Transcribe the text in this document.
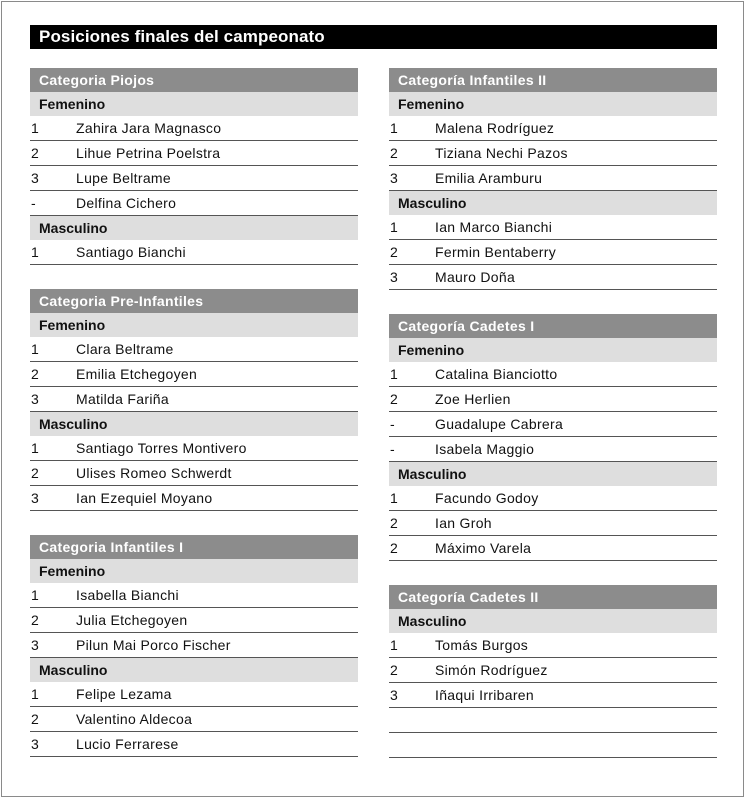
Posiciones finales del campeonato
Categoria Piojos
Femenino
1	Zahira Jara Magnasco
2	Lihue Petrina Poelstra
3	Lupe Beltrame
-	Delfina Cichero
Masculino
1	Santiago Bianchi
Categoria Pre-Infantiles
Femenino
1	Clara Beltrame
2	Emilia Etchegoyen
3	Matilda Fariña
Masculino
1	Santiago Torres Montivero
2	Ulises Romeo Schwerdt
3	Ian Ezequiel Moyano
Categoria Infantiles I
Femenino
1	Isabella Bianchi
2	Julia Etchegoyen
3	Pilun Mai Porco Fischer
Masculino
1	Felipe Lezama
2	Valentino Aldecoa
3	Lucio Ferrarese
Categoría Infantiles II
Femenino
1	Malena Rodríguez
2	Tiziana Nechi Pazos
3	Emilia Aramburu
Masculino
1	Ian Marco Bianchi
2	Fermin Bentaberry
3	Mauro Doña
Categoría Cadetes I
Femenino
1	Catalina Bianciotto
2	Zoe Herlien
-	Guadalupe Cabrera
-	Isabela Maggio
Masculino
1	Facundo Godoy
2	Ian Groh
2	Máximo Varela
Categoría Cadetes II
Masculino
1	Tomás Burgos
2	Simón Rodríguez
3	Iñaqui Irribaren
